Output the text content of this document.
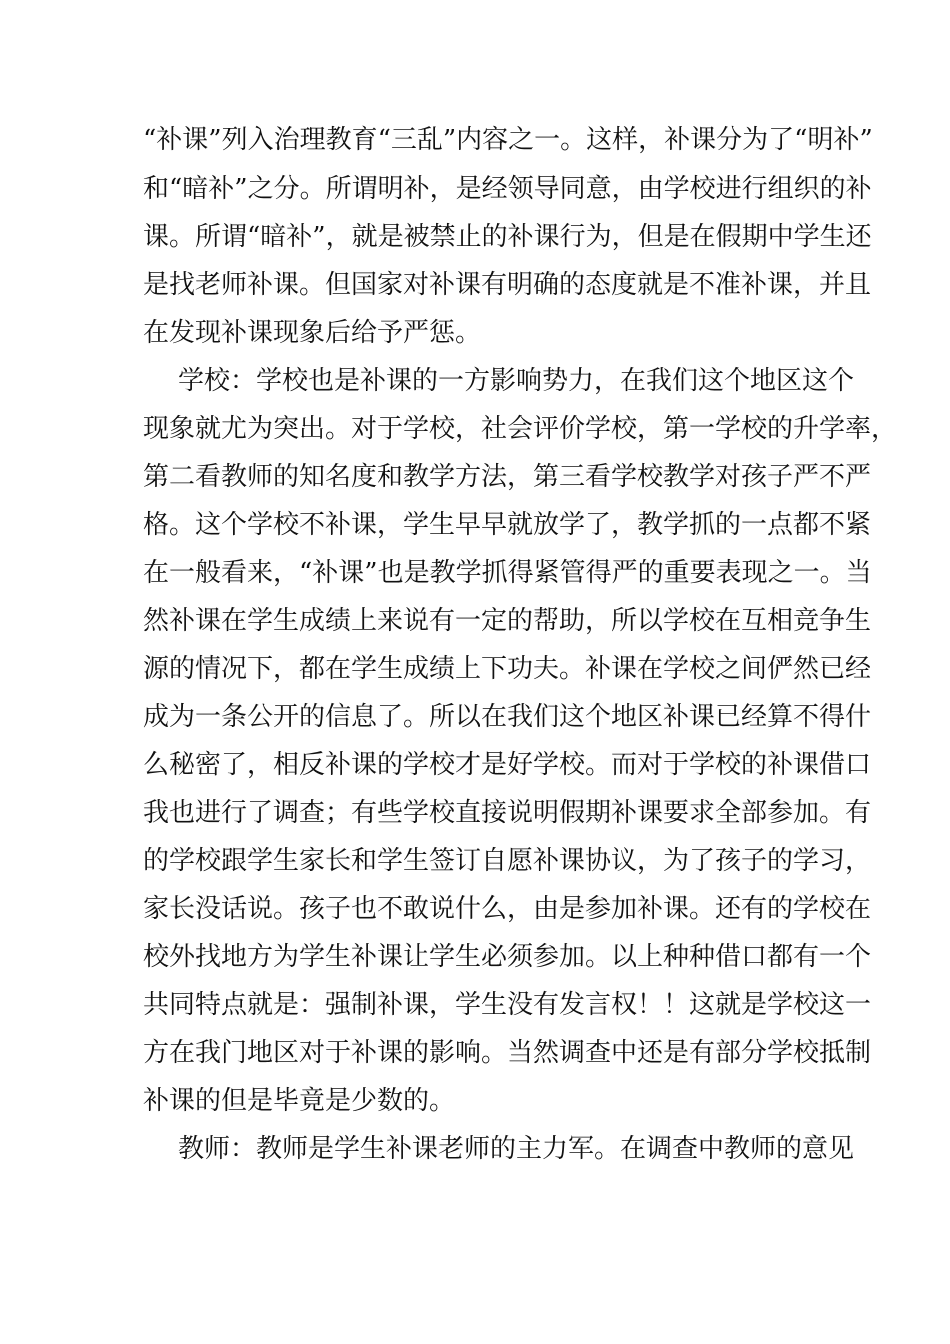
“补课”列入治理教育“三乱”内容之一。这样，补课分为了“明补”
和“暗补”之分。所谓明补，是经领导同意，由学校进行组织的补
课。所谓“暗补”，就是被禁止的补课行为，但是在假期中学生还
是找老师补课。但国家对补课有明确的态度就是不准补课，并且
在发现补课现象后给予严惩。
学校：学校也是补课的一方影响势力，在我们这个地区这个
现象就尤为突出。对于学校，社会评价学校，第一学校的升学率，
第二看教师的知名度和教学方法，第三看学校教学对孩子严不严
格。这个学校不补课，学生早早就放学了，教学抓的一点都不紧
在一般看来，“补课”也是教学抓得紧管得严的重要表现之一。当
然补课在学生成绩上来说有一定的帮助，所以学校在互相竞争生
源的情况下，都在学生成绩上下功夫。补课在学校之间俨然已经
成为一条公开的信息了。所以在我们这个地区补课已经算不得什
么秘密了，相反补课的学校才是好学校。而对于学校的补课借口
我也进行了调查；有些学校直接说明假期补课要求全部参加。有
的学校跟学生家长和学生签订自愿补课协议，为了孩子的学习，
家长没话说。孩子也不敢说什么，由是参加补课。还有的学校在
校外找地方为学生补课让学生必须参加。以上种种借口都有一个
共同特点就是：强制补课，学生没有发言权！！这就是学校这一
方在我门地区对于补课的影响。当然调查中还是有部分学校抵制
补课的但是毕竟是少数的。
教师：教师是学生补课老师的主力军。在调查中教师的意见
